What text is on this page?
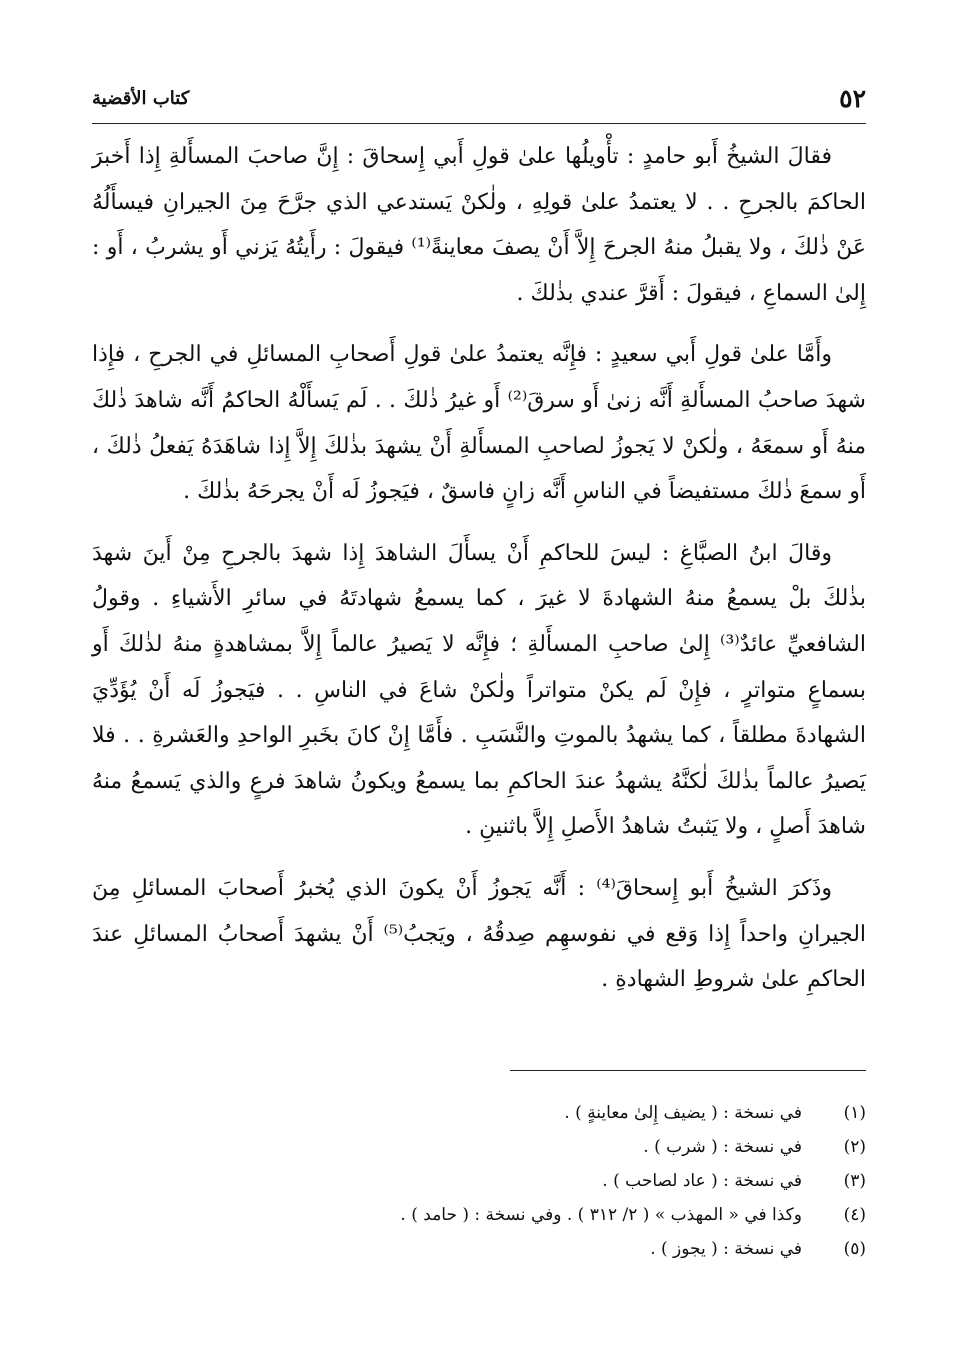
٥٢
كتاب الأقضية

فقالَ الشيخُ أَبو حامدٍ : تأْويلُها علىٰ قولِ أَبي إِسحاقَ : إِنَّ صاحبَ المسأَلةِ إِذا أَخبرَ الحاكمَ بالجرحِ . . لا يعتمدُ علىٰ قولِهِ ، ولٰكنْ يَستدعي الذي جرَّحَ مِنَ الجيرانِ فيسأَلُهُ عَنْ ذٰلكَ ، ولا يقبلُ منهُ الجرحَ إِلاَّ أَنْ يصفَ معاينةً⁽¹⁾ فيقولَ : رأَيتُهُ يَزني أَو يشربُ ، أَو : إِلىٰ السماعِ ، فيقولَ : أَقرَّ عندي بذٰلكَ .

وأَمَّا علىٰ قولِ أَبي سعيدٍ : فإِنَّه يعتمدُ علىٰ قولِ أَصحابِ المسائلِ في الجرحِ ، فإِذا شهدَ صاحبُ المسأَلةِ أَنَّه زنىٰ أَو سرقَ⁽²⁾ أَو غيرُ ذٰلكَ . . لَم يَسأَلْهُ الحاكمُ أَنَّه شاهدَ ذٰلكَ منهُ أَو سمعَهُ ، ولٰكنْ لا يَجوزُ لصاحبِ المسأَلةِ أَنْ يشهدَ بذٰلكَ إِلاَّ إِذا شاهَدَهُ يَفعلُ ذٰلكَ ، أَو سمعَ ذٰلكَ مستفيضاً في الناسِ أَنَّه زانٍ فاسقٌ ، فيَجوزُ لَه أَنْ يجرحَهُ بذٰلكَ .

وقالَ ابنُ الصبَّاغِ : ليسَ للحاكمِ أَنْ يسأَلَ الشاهدَ إِذا شهدَ بالجرحِ مِنْ أَينَ شهدَ بذٰلكَ بلْ يسمعُ منهُ الشهادةَ لا غيرَ ، كما يسمعُ شهادتَهُ في سائرِ الأَشياءِ . وقولُ الشافعيِّ عائدٌ⁽³⁾ إِلىٰ صاحبِ المسأَلةِ ؛ فإِنَّه لا يَصيرُ عالماً إِلاَّ بمشاهدةٍ منهُ لذٰلكَ أَو بسماعٍ متواترٍ ، فإِنْ لَم يكنْ متواتراً ولٰكنْ شاعَ في الناسِ . . فيَجوزُ لَه أَنْ يُؤَدِّيَ الشهادةَ مطلقاً ، كما يشهدُ بالموتِ والنَّسَبِ . فأَمَّا إِنْ كانَ بخَبرِ الواحدِ والعَشرةِ . . فلا يَصيرُ عالماً بذٰلكَ لٰكنَّهُ يشهدُ عندَ الحاكمِ بما يسمعُ ويكونُ شاهدَ فرعٍ والذي يَسمعُ منهُ شاهدَ أَصلٍ ، ولا يَثبتُ شاهدُ الأَصلِ إِلاَّ باثنينِ .

وذَكرَ الشيخُ أَبو إِسحاقَ⁽⁴⁾ : أَنَّه يَجوزُ أَنْ يكونَ الذي يُخبرُ أَصحابَ المسائلِ مِنَ الجيرانِ واحداً إِذا وَقع في نفوسهِم صِدقُهُ ، ويَجبُ⁽⁵⁾ أَنْ يشهدَ أَصحابُ المسائلِ عندَ الحاكمِ علىٰ شروطِ الشهادةِ .

(١)
في نسخة : ( يضيف إِلىٰ معاينةٍ ) .
(٢)
في نسخة : ( شرب ) .
(٣)
في نسخة : ( عاد لصاحب ) .
(٤)
وكذا في « المهذب » ( ٢/ ٣١٢ ) . وفي نسخة : ( حامد ) .
(٥)
في نسخة : ( يجوز ) .
